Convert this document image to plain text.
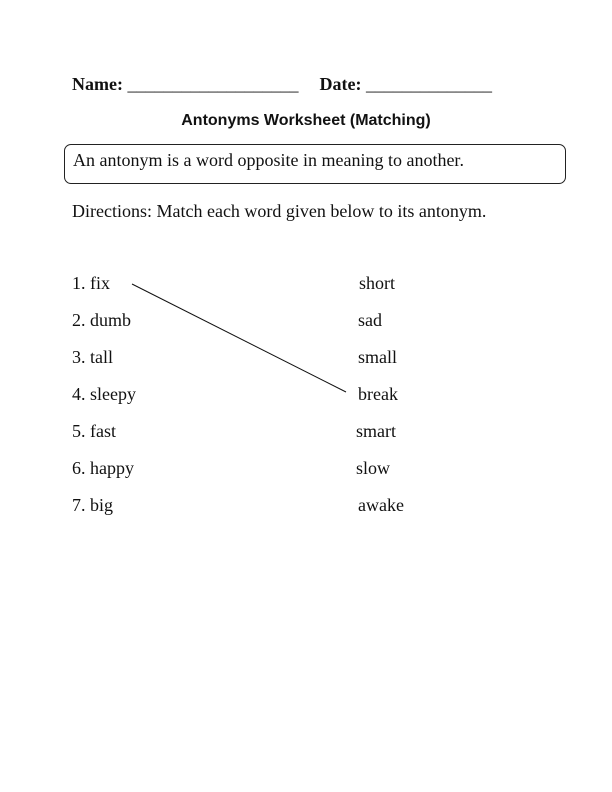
Name: ___________________ Date: ______________
Antonyms Worksheet (Matching)
An antonym is a word opposite in meaning to another.
Directions: Match each word given below to its antonym.
1. fix
2. dumb
3. tall
4. sleepy
5. fast
6. happy
7. big
short
sad
small
break
smart
slow
awake
